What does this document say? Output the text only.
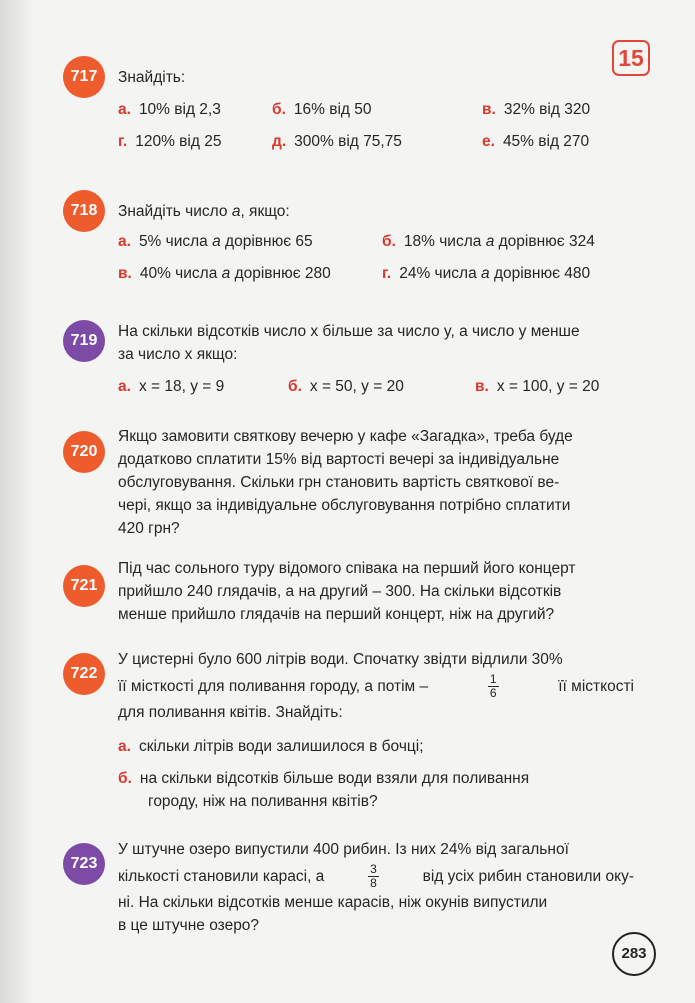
15
717	Знайдіть:
а. 10% від 2,3	б. 16% від 50	в. 32% від 320
г. 120% від 25	д. 300% від 75,75	е. 45% від 270
718	Знайдіть число a, якщо:
а. 5% числа a дорівнює 65	б. 18% числа a дорівнює 324
в. 40% числа a дорівнює 280	г. 24% числа a дорівнює 480
719
На скільки відсотків число x більше за число y, а число y менше
за число x якщо:
а. x = 18, y = 9	б. x = 50, y = 20	в. x = 100, y = 20
720
Якщо замовити святкову вечерю у кафе «Загадка», треба буде
додатково сплатити 15% від вартості вечері за індивідуальне
обслуговування. Скільки грн становить вартість святкової ве-
чері, якщо за індивідуальне обслуговування потрібно сплатити
420 грн?
721
Під час сольного туру відомого співака на перший його концерт
прийшло 240 глядачів, а на другий – 300. На скільки відсотків
менше прийшло глядачів на перший концерт, ніж на другий?
722
У цистерні було 600 літрів води. Спочатку звідти відлили 30%
її місткості для поливання городу, а потім –	$\frac{1}{6}$	її місткості
для поливання квітів. Знайдіть:
а. скільки літрів води залишилося в бочці;
б. на скільки відсотків більше води взяли для поливання
городу, ніж на поливання квітів?
723
У штучне озеро випустили 400 рибин. Із них 24% від загальної
кількості становили карасі, а	$\frac{3}{8}$	від усіх рибин становили оку-
ні. На скільки відсотків менше карасів, ніж окунів випустили
в це штучне озеро?
283
